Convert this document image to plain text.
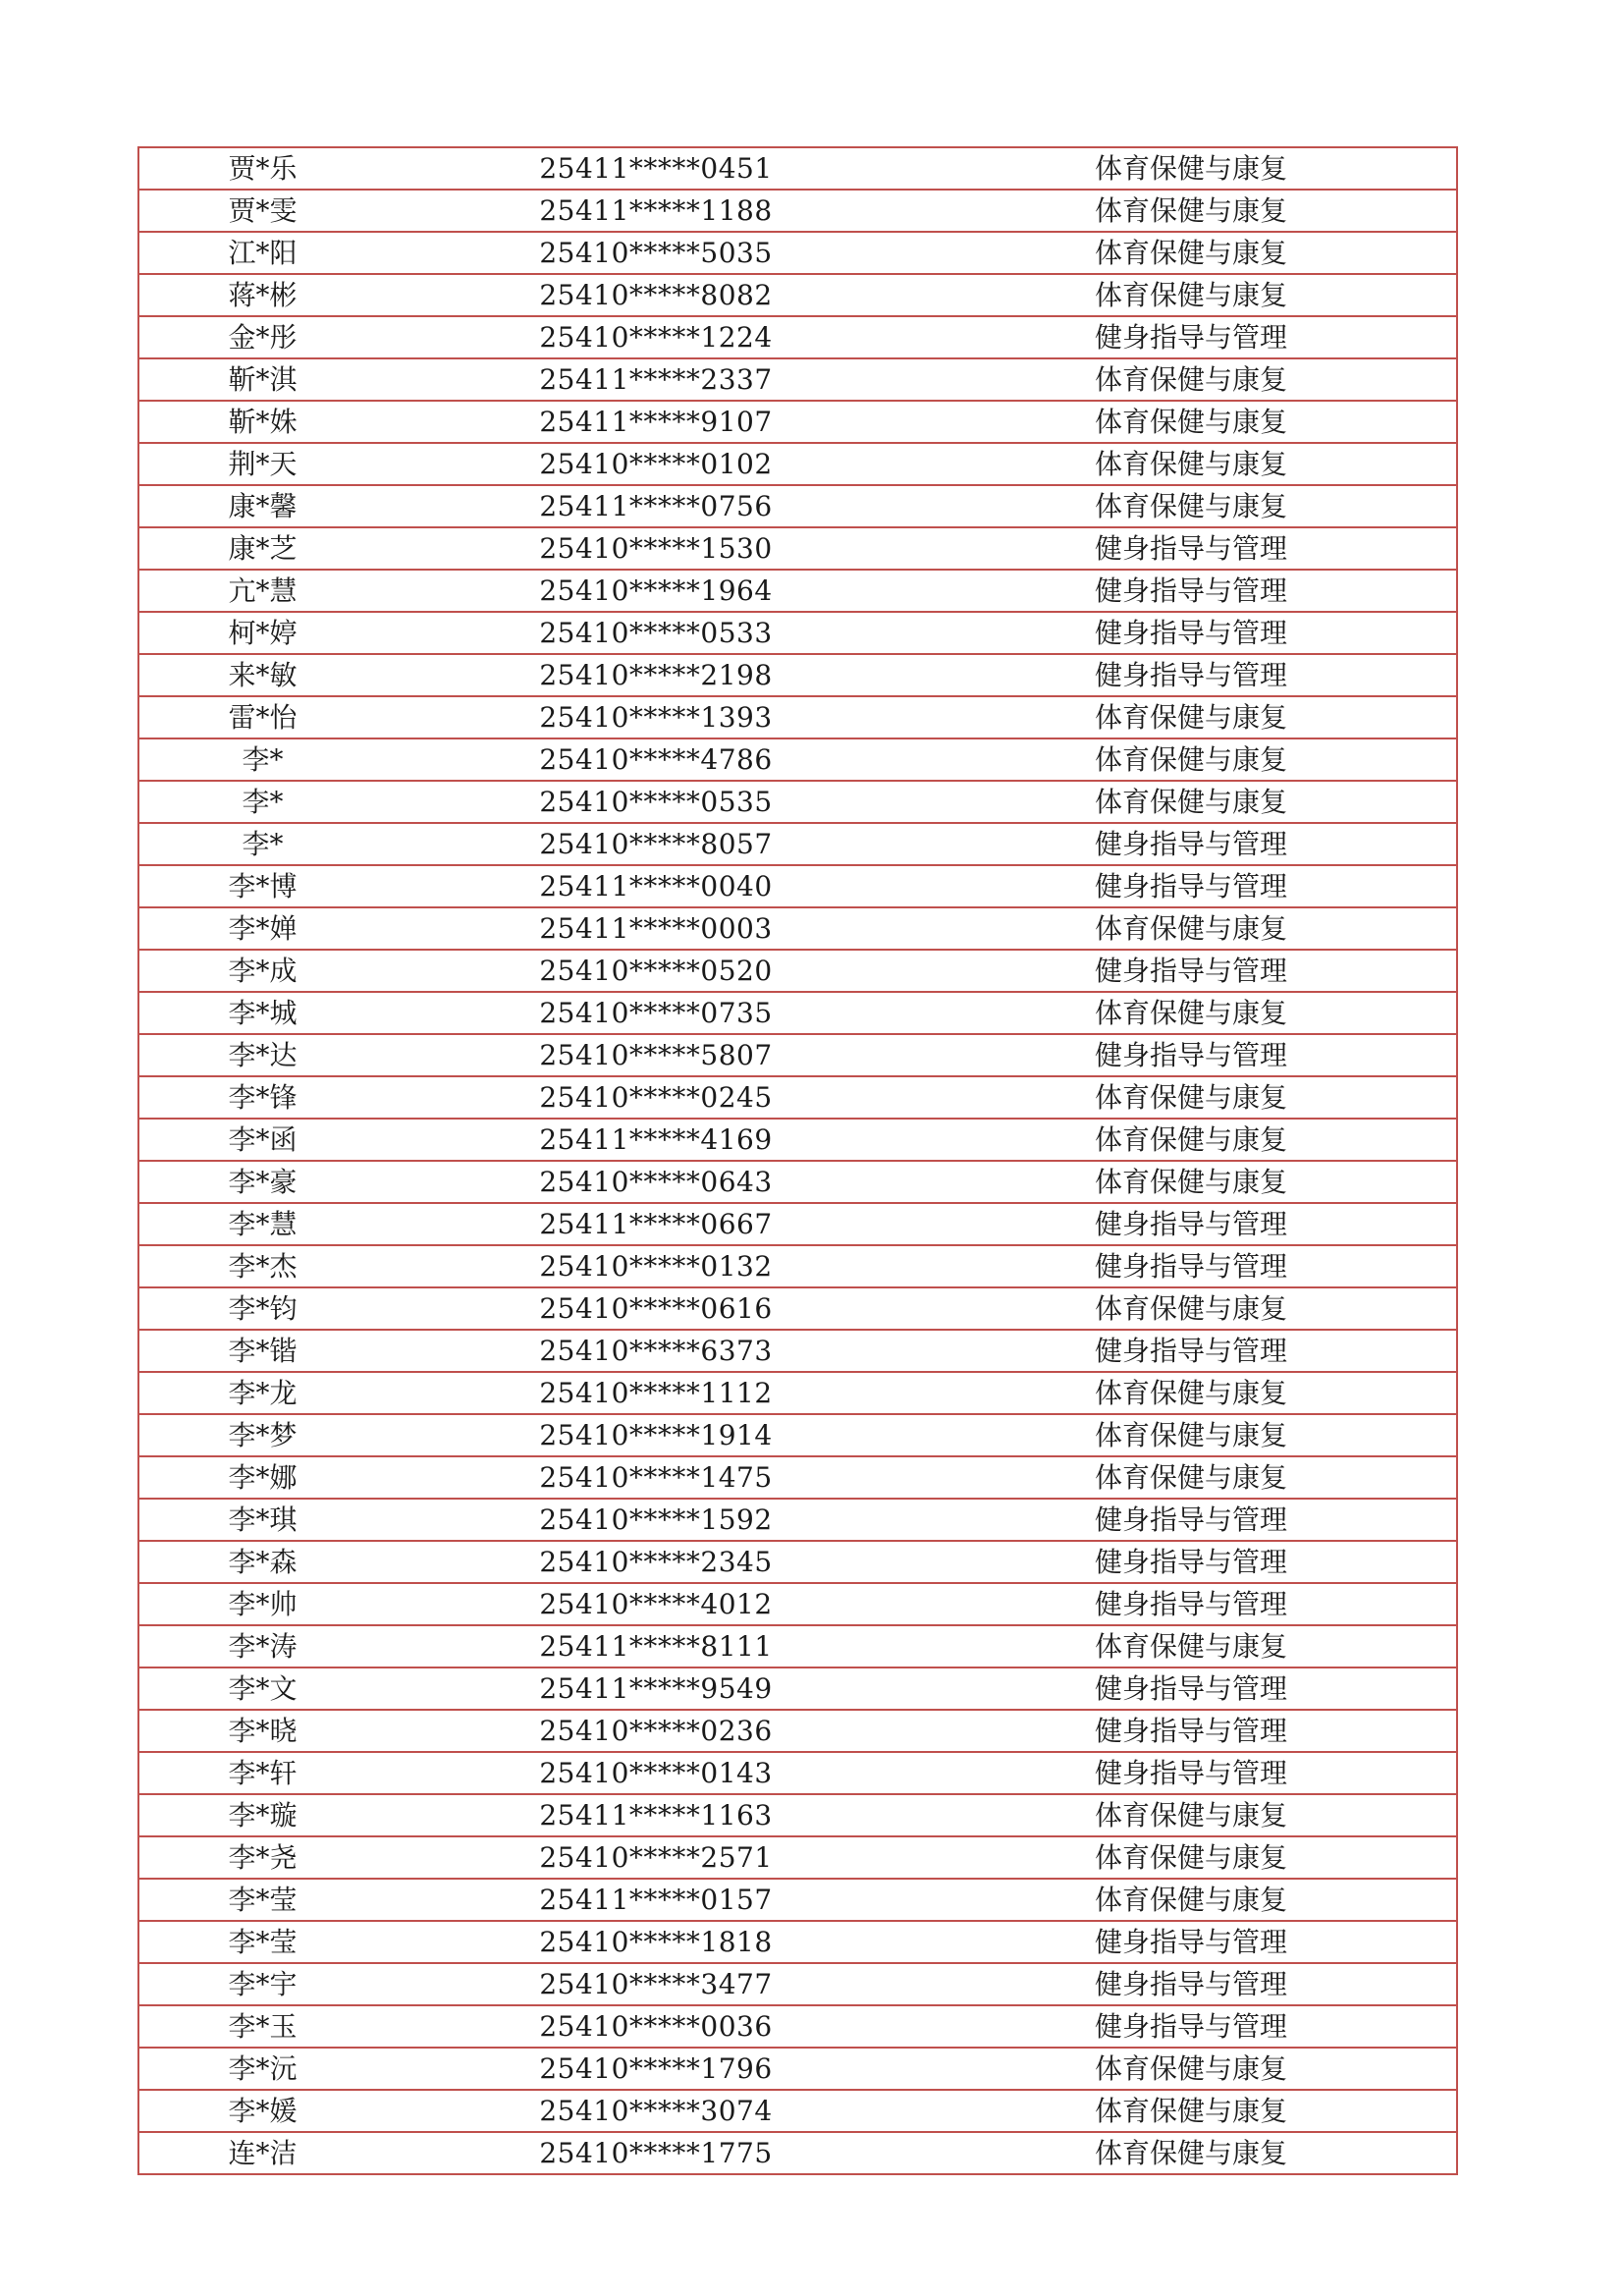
贾*乐	25411*****0451	体育保健与康复
贾*雯	25411*****1188	体育保健与康复
江*阳	25410*****5035	体育保健与康复
蒋*彬	25410*****8082	体育保健与康复
金*彤	25410*****1224	健身指导与管理
靳*淇	25411*****2337	体育保健与康复
靳*姝	25411*****9107	体育保健与康复
荆*天	25410*****0102	体育保健与康复
康*馨	25411*****0756	体育保健与康复
康*芝	25410*****1530	健身指导与管理
亢*慧	25410*****1964	健身指导与管理
柯*婷	25410*****0533	健身指导与管理
来*敏	25410*****2198	健身指导与管理
雷*怡	25410*****1393	体育保健与康复
李*	25410*****4786	体育保健与康复
李*	25410*****0535	体育保健与康复
李*	25410*****8057	健身指导与管理
李*博	25411*****0040	健身指导与管理
李*婵	25411*****0003	体育保健与康复
李*成	25410*****0520	健身指导与管理
李*城	25410*****0735	体育保健与康复
李*达	25410*****5807	健身指导与管理
李*锋	25410*****0245	体育保健与康复
李*函	25411*****4169	体育保健与康复
李*豪	25410*****0643	体育保健与康复
李*慧	25411*****0667	健身指导与管理
李*杰	25410*****0132	健身指导与管理
李*钧	25410*****0616	体育保健与康复
李*锴	25410*****6373	健身指导与管理
李*龙	25410*****1112	体育保健与康复
李*梦	25410*****1914	体育保健与康复
李*娜	25410*****1475	体育保健与康复
李*琪	25410*****1592	健身指导与管理
李*森	25410*****2345	健身指导与管理
李*帅	25410*****4012	健身指导与管理
李*涛	25411*****8111	体育保健与康复
李*文	25411*****9549	健身指导与管理
李*晓	25410*****0236	健身指导与管理
李*轩	25410*****0143	健身指导与管理
李*璇	25411*****1163	体育保健与康复
李*尧	25410*****2571	体育保健与康复
李*莹	25411*****0157	体育保健与康复
李*莹	25410*****1818	健身指导与管理
李*宇	25410*****3477	健身指导与管理
李*玉	25410*****0036	健身指导与管理
李*沅	25410*****1796	体育保健与康复
李*媛	25410*****3074	体育保健与康复
连*洁	25410*****1775	体育保健与康复
